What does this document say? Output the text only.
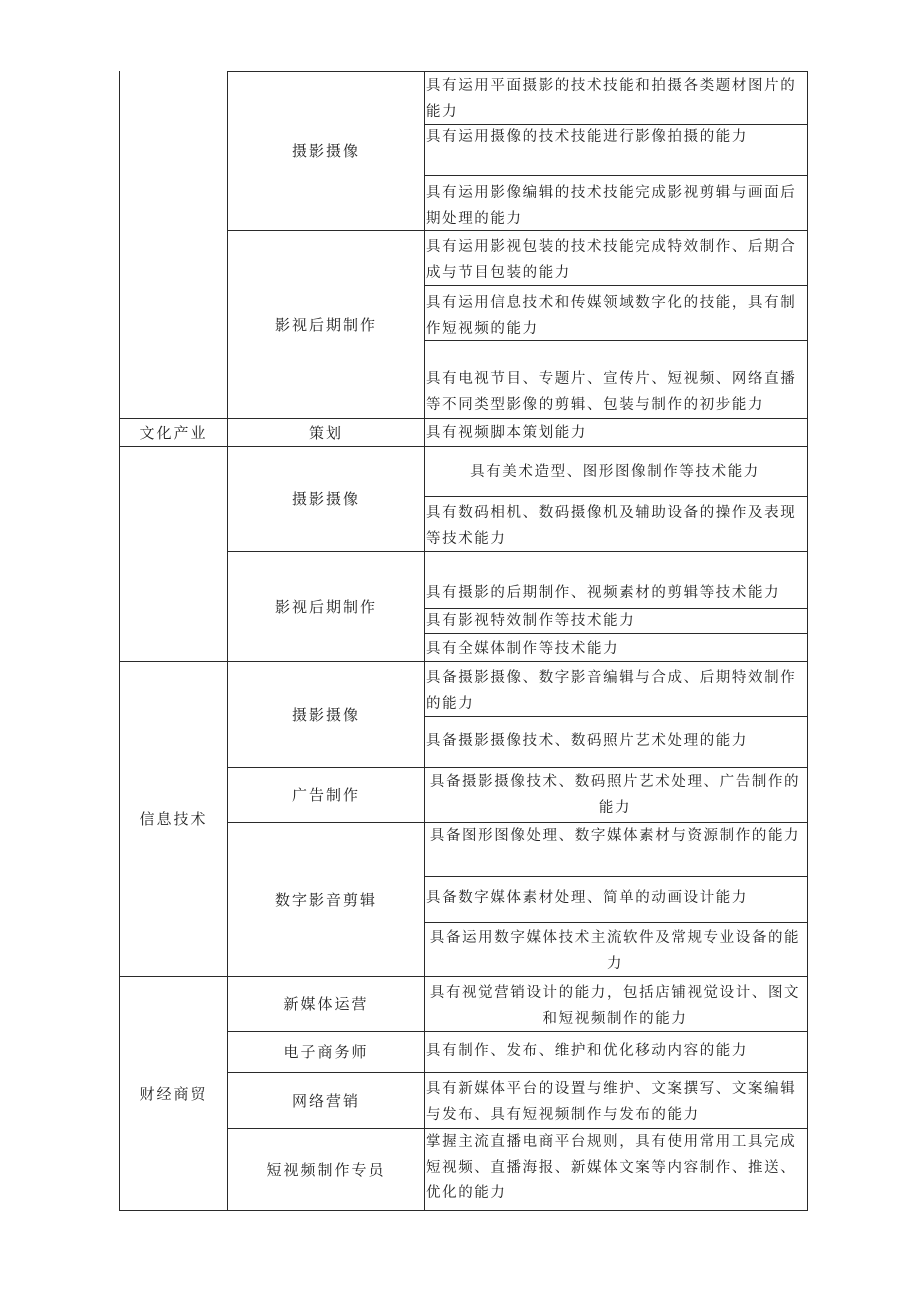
文化产业
信息技术
财经商贸
摄影摄像
影视后期制作
策划
摄影摄像
影视后期制作
摄影摄像
广告制作
数字影音剪辑
新媒体运营
电子商务师
网络营销
短视频制作专员
具有运用平面摄影的技术技能和拍摄各类题材图片的能力
具有运用摄像的技术技能进行影像拍摄的能力
具有运用影像编辑的技术技能完成影视剪辑与画面后期处理的能力
具有运用影视包装的技术技能完成特效制作、后期合成与节目包装的能力
具有运用信息技术和传媒领域数字化的技能，具有制作短视频的能力
具有电视节目、专题片、宣传片、短视频、网络直播等不同类型影像的剪辑、包装与制作的初步能力
具有视频脚本策划能力
具有美术造型、图形图像制作等技术能力
具有数码相机、数码摄像机及辅助设备的操作及表现等技术能力
具有摄影的后期制作、视频素材的剪辑等技术能力
具有影视特效制作等技术能力
具有全媒体制作等技术能力
具备摄影摄像、数字影音编辑与合成、后期特效制作的能力
具备摄影摄像技术、数码照片艺术处理的能力
具备摄影摄像技术、数码照片艺术处理、广告制作的能力
具备图形图像处理、数字媒体素材与资源制作的能力
具备数字媒体素材处理、简单的动画设计能力
具备运用数字媒体技术主流软件及常规专业设备的能力
具有视觉营销设计的能力，包括店铺视觉设计、图文和短视频制作的能力
具有制作、发布、维护和优化移动内容的能力
具有新媒体平台的设置与维护、文案撰写、文案编辑与发布、具有短视频制作与发布的能力
掌握主流直播电商平台规则，具有使用常用工具完成短视频、直播海报、新媒体文案等内容制作、推送、优化的能力
